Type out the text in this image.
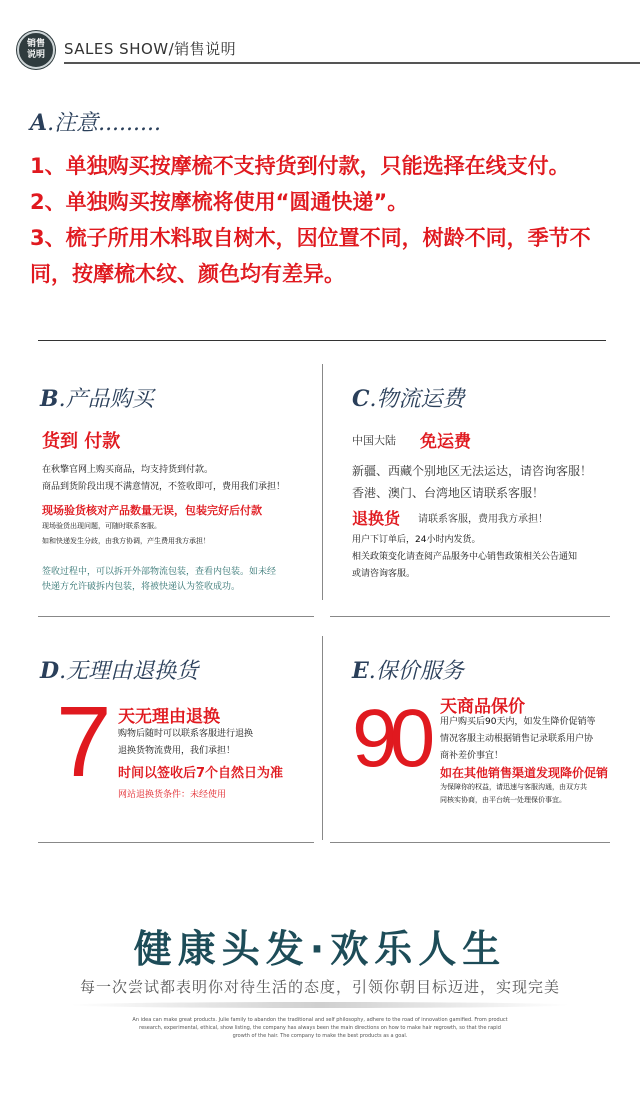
销售
说明	SALES SHOW/销售说明
A.注意.........
1、单独购买按摩梳不支持货到付款，只能选择在线支付。
2、单独购买按摩梳将使用“圆通快递”。
3、梳子所用木料取自树木，因位置不同，树龄不同，季节不同，按摩梳木纹、颜色均有差异。
B.产品购买
货到 付款
在秋擎官网上购买商品，均支持货到付款。
商品到货阶段出现不满意情况，不签收即可，费用我们承担！
现场验货核对产品数量无误，包装完好后付款
现场验货出现问题，可随时联系客服。
如和快递发生分歧，由我方协调，产生费用我方承担！
签收过程中，可以拆开外部物流包装，查看内包装。如未经
快递方允许破拆内包装，将被快递认为签收成功。
C.物流运费
中国大陆 免运费
新疆、西藏个别地区无法运达，请咨询客服！
香港、澳门、台湾地区请联系客服！
退换货 请联系客服，费用我方承担！
用户下订单后，24小时内发货。
相关政策变化请查阅产品服务中心销售政策相关公告通知
或请咨询客服。
D.无理由退换货
7 天无理由退换
购物后随时可以联系客服进行退换
退换货物流费用，我们承担！
时间以签收后7个自然日为准
网站退换货条件：未经使用
E.保价服务
90 天商品保价
用户购买后90天内，如发生降价促销等
情况客服主动根据销售记录联系用户协
商补差价事宜！
如在其他销售渠道发现降价促销
为保障你的权益，请迅速与客服沟通，由双方共
同核实协商，由平台统一处理保价事宜。
健康头发·欢乐人生
每一次尝试都表明你对待生活的态度，引领你朝目标迈进，实现完美
An idea can make great products. Julie family to abandon the traditional and self philosophy, adhere to the road of innovation gamified. From product research, experimental, ethical, show listing, the company has always been the main directions on how to make hair regrowth, so that the rapid growth of the hair. The company to make the best products as a goal.
